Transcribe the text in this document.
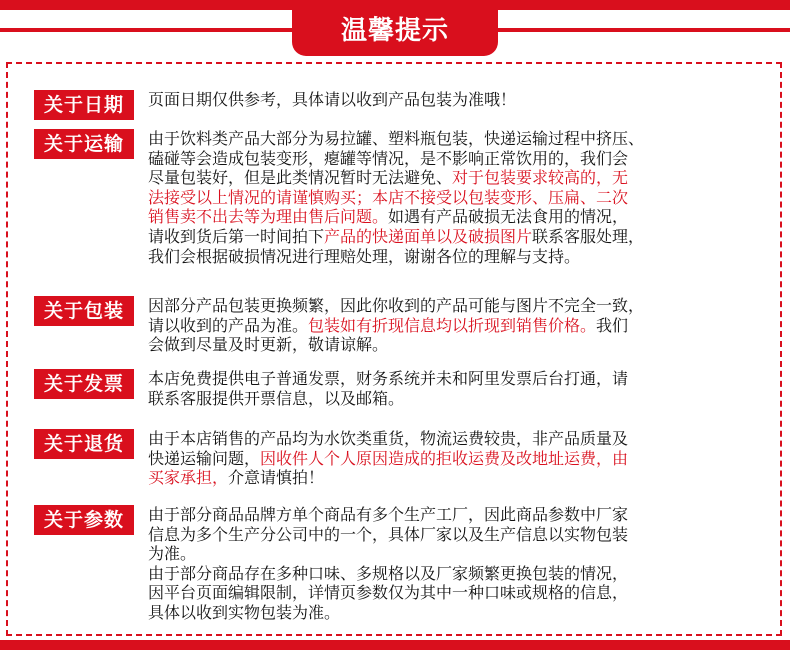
温馨提示
关于日期	页面日期仅供参考，具体请以收到产品包装为准哦！
关于运输	由于饮料类产品大部分为易拉罐、塑料瓶包装，快递运输过程中挤压、
磕碰等会造成包装变形，瘪罐等情况，是不影响正常饮用的，我们会
尽量包装好，但是此类情况暂时无法避免、对于包装要求较高的，无
法接受以上情况的请谨慎购买；本店不接受以包装变形、压扁、二次
销售卖不出去等为理由售后问题。如遇有产品破损无法食用的情况，
请收到货后第一时间拍下产品的快递面单以及破损图片联系客服处理，
我们会根据破损情况进行理赔处理，谢谢各位的理解与支持。
关于包装	因部分产品包装更换频繁，因此你收到的产品可能与图片不完全一致，
请以收到的产品为准。包装如有折现信息均以折现到销售价格。我们
会做到尽量及时更新，敬请谅解。
关于发票	本店免费提供电子普通发票，财务系统并未和阿里发票后台打通，请
联系客服提供开票信息，以及邮箱。
关于退货	由于本店销售的产品均为水饮类重货，物流运费较贵，非产品质量及
快递运输问题，因收件人个人原因造成的拒收运费及改地址运费，由
买家承担，介意请慎拍！
关于参数	由于部分商品品牌方单个商品有多个生产工厂，因此商品参数中厂家
信息为多个生产分公司中的一个，具体厂家以及生产信息以实物包装
为准。
由于部分商品存在多种口味、多规格以及厂家频繁更换包装的情况，
因平台页面编辑限制，详情页参数仅为其中一种口味或规格的信息，
具体以收到实物包装为准。
